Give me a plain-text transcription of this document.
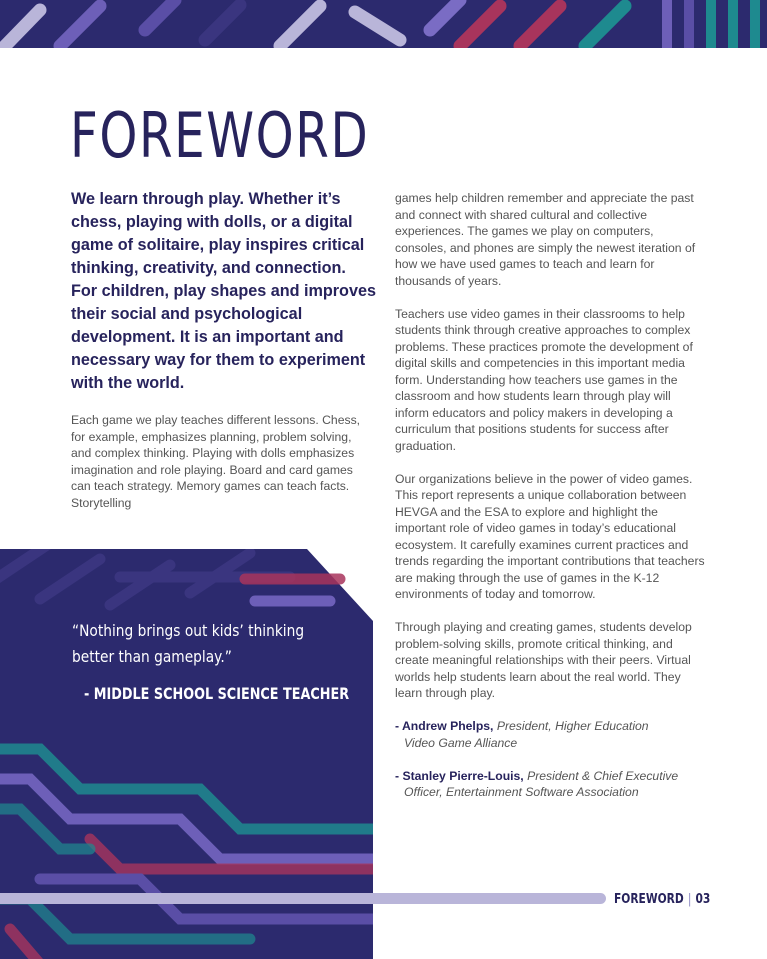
FOREWORD

We learn through play. Whether it’s chess, playing with dolls, or a digital game of solitaire, play inspires critical thinking, creativity, and connection. For children, play shapes and improves their social and psychological development. It is an important and necessary way for them to experiment with the world.

Each game we play teaches different lessons. Chess, for example, emphasizes planning, problem solving, and complex thinking. Playing with dolls emphasizes imagination and role playing. Board and card games can teach strategy. Memory games can teach facts. Storytelling

“Nothing brings out kids’ thinking better than gameplay.”

- MIDDLE SCHOOL SCIENCE TEACHER

games help children remember and appreciate the past and connect with shared cultural and collective experiences. The games we play on computers, consoles, and phones are simply the newest iteration of how we have used games to teach and learn for thousands of years.

Teachers use video games in their classrooms to help students think through creative approaches to complex problems. These practices promote the development of digital skills and competencies in this important media form. Understanding how teachers use games in the classroom and how students learn through play will inform educators and policy makers in developing a curriculum that positions students for success after graduation.

Our organizations believe in the power of video games. This report represents a unique collaboration between HEVGA and the ESA to explore and highlight the important role of video games in today’s educational ecosystem. It carefully examines current practices and trends regarding the important contributions that teachers are making through the use of games in the K-12 environments of today and tomorrow.

Through playing and creating games, students develop problem-solving skills, promote critical thinking, and create meaningful relationships with their peers. Virtual worlds help students learn about the real world. They learn through play.

- Andrew Phelps, President, Higher Education
Video Game Alliance

- Stanley Pierre-Louis, President & Chief Executive
Officer, Entertainment Software Association

FOREWORD | 03
